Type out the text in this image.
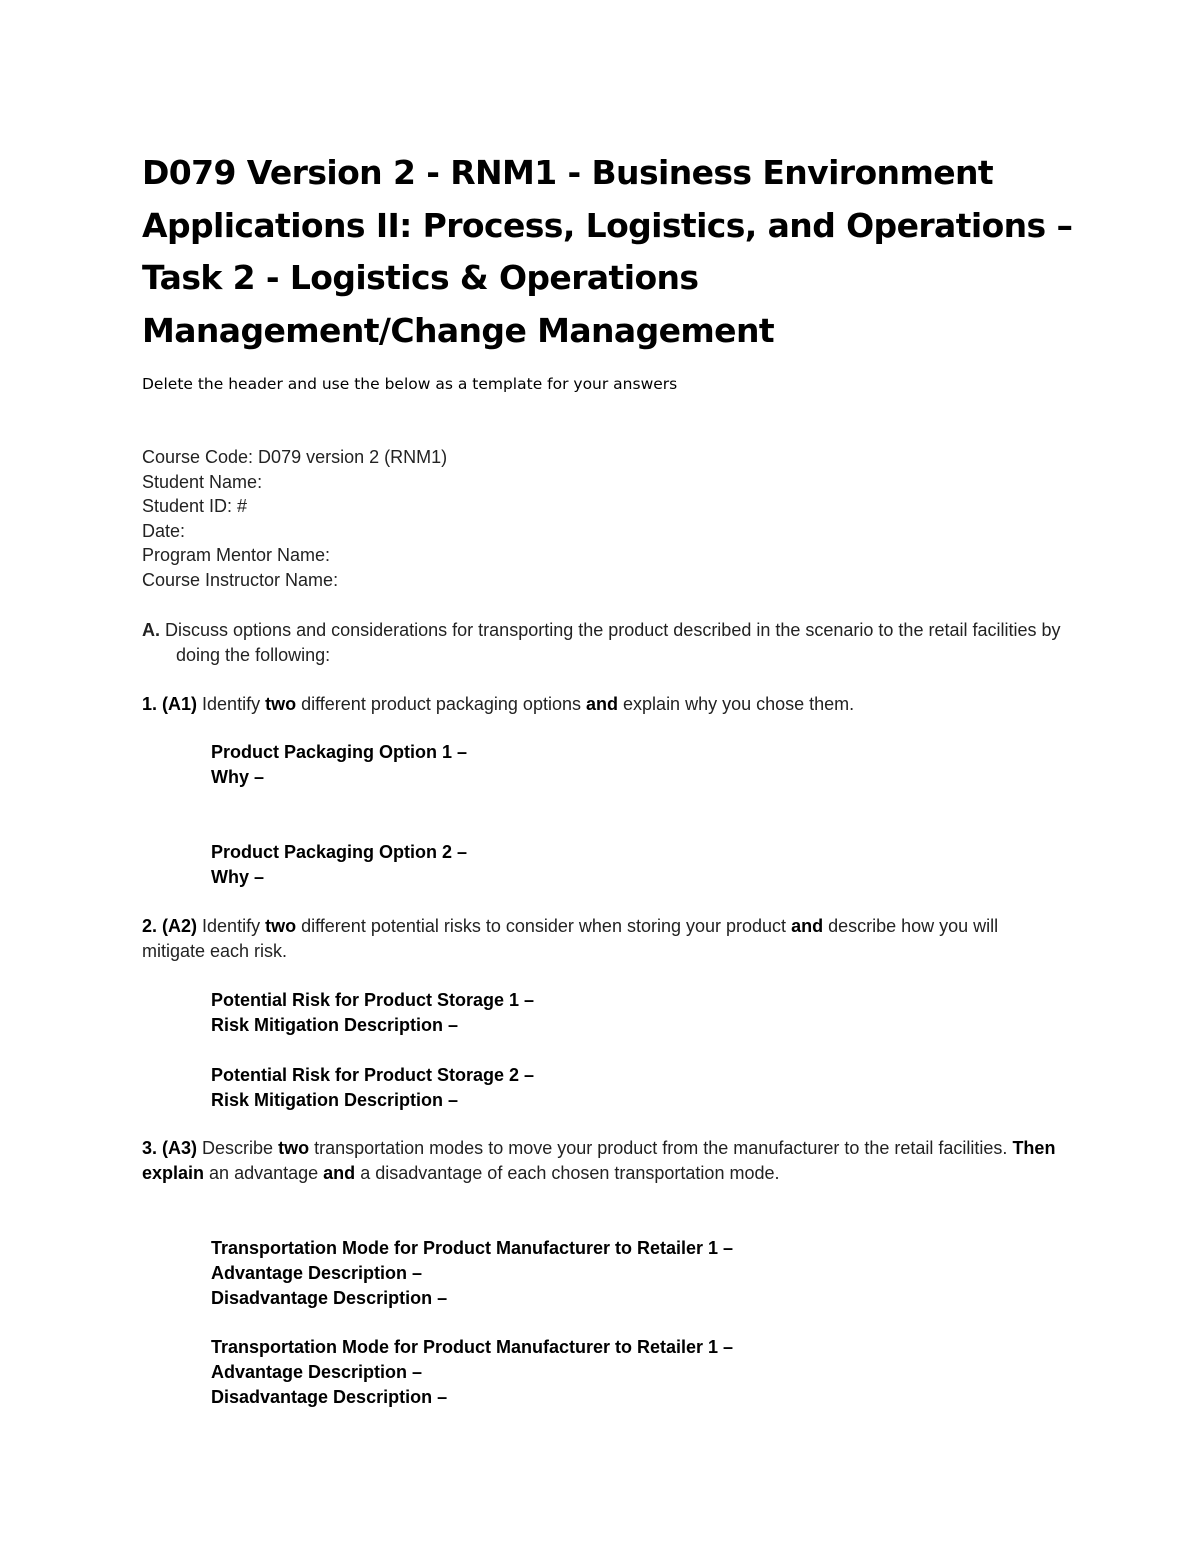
D079 Version 2 - RNM1 - Business Environment
Applications II: Process, Logistics, and Operations –
Task 2 - Logistics & Operations
Management/Change Management

Delete the header and use the below as a template for your answers

Course Code: D079 version 2 (RNM1)
Student Name:
Student ID: #
Date:
Program Mentor Name:
Course Instructor Name:
A. Discuss options and considerations for transporting the product described in the scenario to the retail facilities by doing the following:
1. (A1) Identify two different product packaging options and explain why you chose them.
Product Packaging Option 1 –
Why –
Product Packaging Option 2 –
Why –
2. (A2) Identify two different potential risks to consider when storing your product and describe how you will mitigate each risk.
Potential Risk for Product Storage 1 –
Risk Mitigation Description –
Potential Risk for Product Storage 2 –
Risk Mitigation Description –
3. (A3) Describe two transportation modes to move your product from the manufacturer to the retail facilities. Then explain an advantage and a disadvantage of each chosen transportation mode.
Transportation Mode for Product Manufacturer to Retailer 1 –
Advantage Description –
Disadvantage Description –
Transportation Mode for Product Manufacturer to Retailer 1 –
Advantage Description –
Disadvantage Description –
